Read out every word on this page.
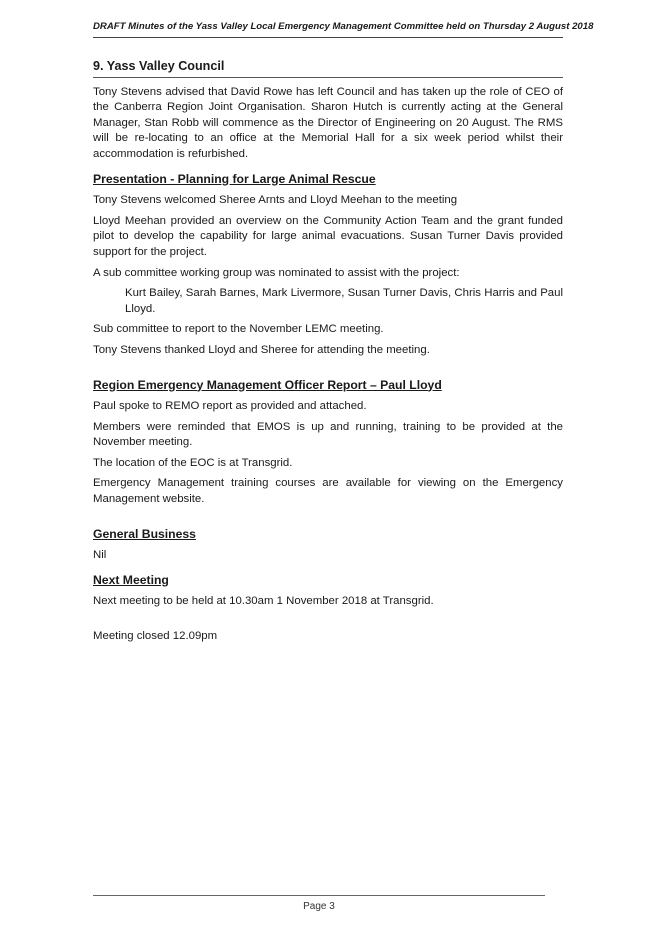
DRAFT Minutes of the Yass Valley Local Emergency Management Committee held on Thursday 2 August 2018
9. Yass Valley Council

Tony Stevens advised that David Rowe has left Council and has taken up the role of CEO of the Canberra Region Joint Organisation. Sharon Hutch is currently acting at the General Manager, Stan Robb will commence as the Director of Engineering on 20 August. The RMS will be re-locating to an office at the Memorial Hall for a six week period whilst their accommodation is refurbished.

Presentation - Planning for Large Animal Rescue

Tony Stevens welcomed Sheree Arnts and Lloyd Meehan to the meeting

Lloyd Meehan provided an overview on the Community Action Team and the grant funded pilot to develop the capability for large animal evacuations. Susan Turner Davis provided support for the project.

A sub committee working group was nominated to assist with the project:

Kurt Bailey, Sarah Barnes, Mark Livermore, Susan Turner Davis, Chris Harris and Paul Lloyd.

Sub committee to report to the November LEMC meeting.

Tony Stevens thanked Lloyd and Sheree for attending the meeting.

Region Emergency Management Officer Report – Paul Lloyd

Paul spoke to REMO report as provided and attached.

Members were reminded that EMOS is up and running, training to be provided at the November meeting.

The location of the EOC is at Transgrid.

Emergency Management training courses are available for viewing on the Emergency Management website.

General Business

Nil

Next Meeting

Next meeting to be held at 10.30am 1 November 2018 at Transgrid.

Meeting closed 12.09pm

Page 3
